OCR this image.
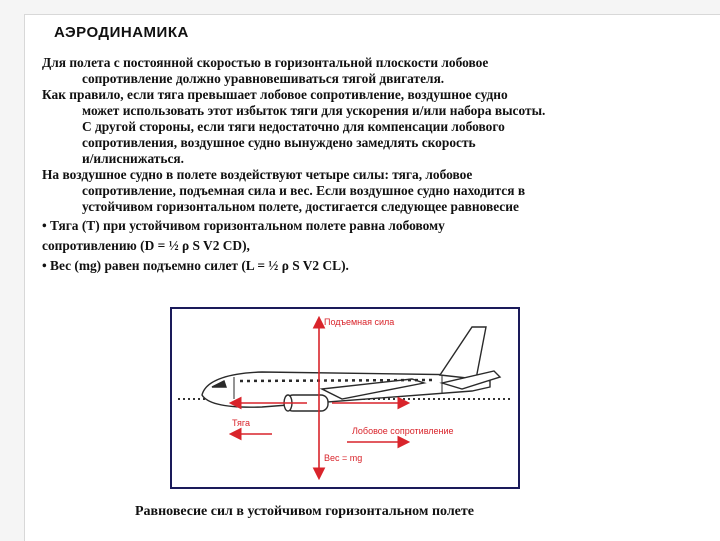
АЭРОДИНАМИКА

Для полета с постоянной скоростью в горизонтальной плоскости лобовое
сопротивление должно уравновешиваться тягой двигателя.

Как правило, если тяга превышает лобовое сопротивление, воздушное судно
может использовать этот избыток тяги для ускорения и/или набора высоты.
С другой стороны, если тяги недостаточно для компенсации лобового
сопротивления, воздушное судно вынуждено замедлять скорость
и/илиснижаться.

На воздушное судно в полете воздействуют четыре силы: тяга, лобовое
сопротивление, подъемная сила и вес. Если воздушное судно находится в
устойчивом горизонтальном полете, достигается следующее равновесие

• Тяга (T) при устойчивом горизонтальном полете равна лобовому

сопротивлению (D = ½ ρ S V2 CD),

• Вес (mg) равен подъемно силет (L = ½ ρ S V2 CL).

Подъемная сила
Тяга
Лобовое сопротивление
Вес = mg
Равновесие сил в устойчивом горизонтальном полете
